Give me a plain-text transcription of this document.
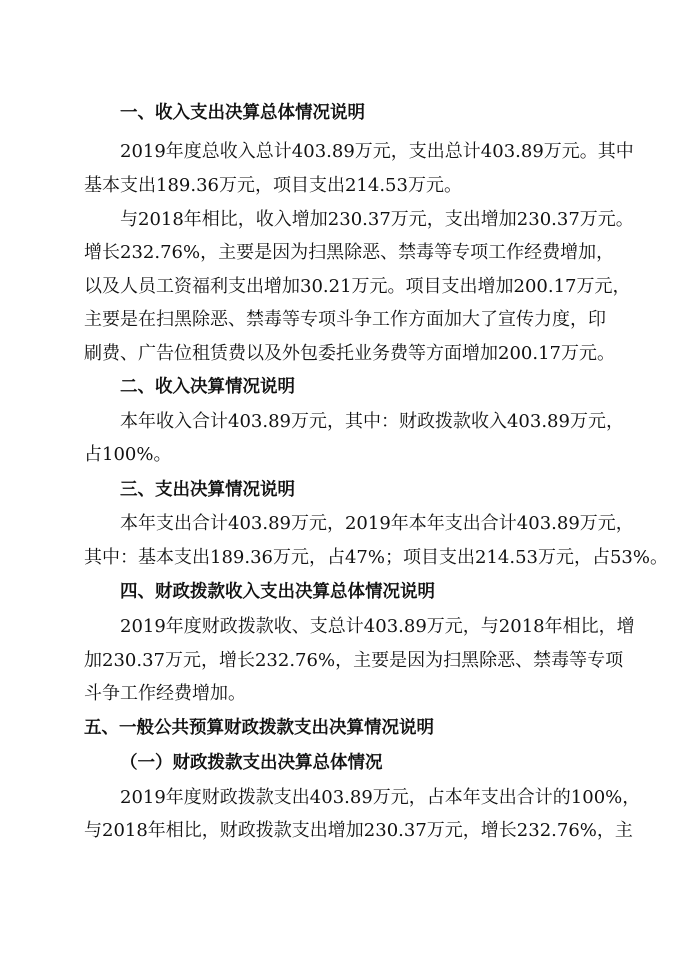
一、收入支出决算总体情况说明
2019年度总收入总计403.89万元，支出总计403.89万元。其中
基本支出189.36万元，项目支出214.53万元。
与2018年相比，收入增加230.37万元，支出增加230.37万元。
增长232.76%，主要是因为扫黑除恶、禁毒等专项工作经费增加，
以及人员工资福利支出增加30.21万元。项目支出增加200.17万元，
主要是在扫黑除恶、禁毒等专项斗争工作方面加大了宣传力度，印
刷费、广告位租赁费以及外包委托业务费等方面增加200.17万元。
二、收入决算情况说明
本年收入合计403.89万元，其中：财政拨款收入403.89万元，
占100%。
三、支出决算情况说明
本年支出合计403.89万元，2019年本年支出合计403.89万元，
其中：基本支出189.36万元，占47%；项目支出214.53万元，占53%。
四、财政拨款收入支出决算总体情况说明
2019年度财政拨款收、支总计403.89万元，与2018年相比，增
加230.37万元，增长232.76%，主要是因为扫黑除恶、禁毒等专项
斗争工作经费增加。
五、一般公共预算财政拨款支出决算情况说明
（一）财政拨款支出决算总体情况
2019年度财政拨款支出403.89万元，占本年支出合计的100%，
与2018年相比，财政拨款支出增加230.37万元，增长232.76%，主
